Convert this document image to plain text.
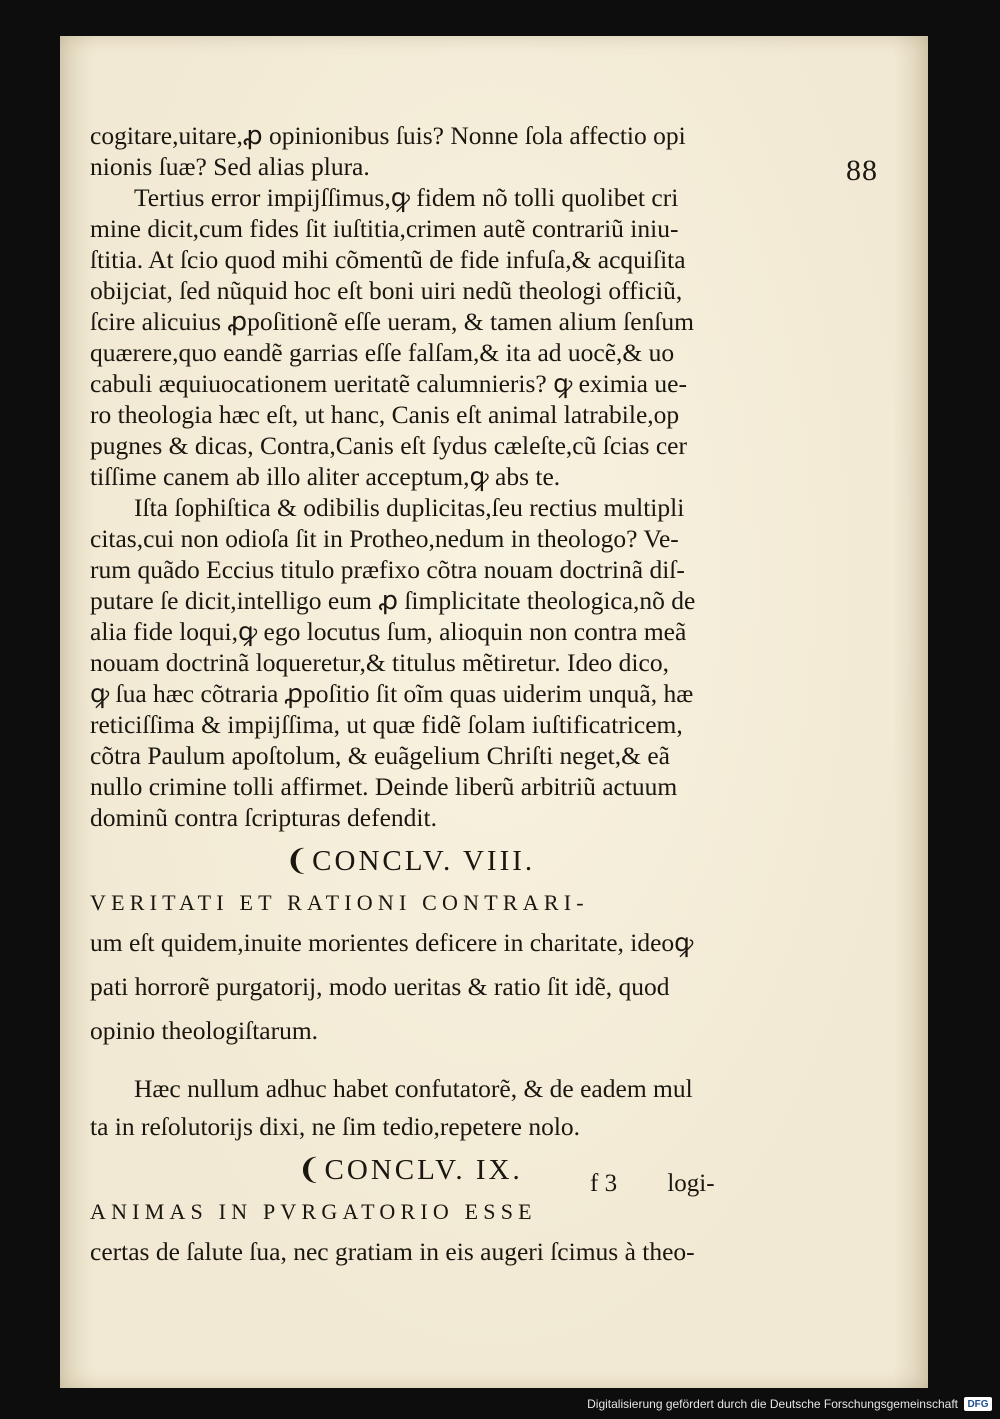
88
cogitare,uitare,ꝓ opinionibus ſuis? Nonne ſola affectio opi
nionis ſuæ? Sed alias plura.
Tertius error impijſſimus,ꝙ fidem nõ tolli quolibet cri
mine dicit,cum fides ſit iuſtitia,crimen autẽ contrariũ iniu-
ſtitia. At ſcio quod mihi cõmentũ de fide infuſa,& acquiſita
obijciat, ſed nũquid hoc eſt boni uiri nedũ theologi officiũ,
ſcire alicuius ꝓpoſitionẽ eſſe ueram, & tamen alium ſenſum
quærere,quo eandẽ garrias eſſe falſam,& ita ad uocẽ,& uo
cabuli æquiuocationem ueritatẽ calumnieris? ꝙ eximia ue-
ro theologia hæc eſt, ut hanc, Canis eſt animal latrabile,op
pugnes & dicas, Contra,Canis eſt ſydus cæleſte,cũ ſcias cer
tiſſime canem ab illo aliter acceptum,ꝙ abs te.
Iſta ſophiſtica & odibilis duplicitas,ſeu rectius multipli
citas,cui non odioſa ſit in Protheo,nedum in theologo? Ve-
rum quãdo Eccius titulo præfixo cõtra nouam doctrinã diſ-
putare ſe dicit,intelligo eum ꝓ ſimplicitate theologica,nõ de
alia fide loqui,ꝙ ego locutus ſum, alioquin non contra meã
nouam doctrinã loqueretur,& titulus mẽtiretur. Ideo dico,
ꝙ ſua hæc cõtraria ꝓpoſitio ſit oĩm quas uiderim unquã, hæ
reticiſſima & impijſſima, ut quæ fidẽ ſolam iuſtificatricem,
cõtra Paulum apoſtolum, & euãgelium Chriſti neget,& eã
nullo crimine tolli affirmet. Deinde liberũ arbitriũ actuum
dominũ contra ſcripturas defendit.
❨CONCLV. VIII.
VERITATI ET RATIONI CONTRARI-
um eſt quidem,inuite morientes deficere in charitate, ideoꝙ
pati horrorẽ purgatorij, modo ueritas & ratio ſit idẽ, quod
opinio theologiſtarum.
Hæc nullum adhuc habet confutatorẽ, & de eadem mul
ta in reſolutorijs dixi, ne ſim tedio,repetere nolo.
❨CONCLV. IX.
ANIMAS IN PVRGATORIO ESSE
certas de ſalute ſua, nec gratiam in eis augeri ſcimus à theo-
f 3 logi-
Digitalisierung gefördert durch die Deutsche Forschungsgemeinschaft DFG
